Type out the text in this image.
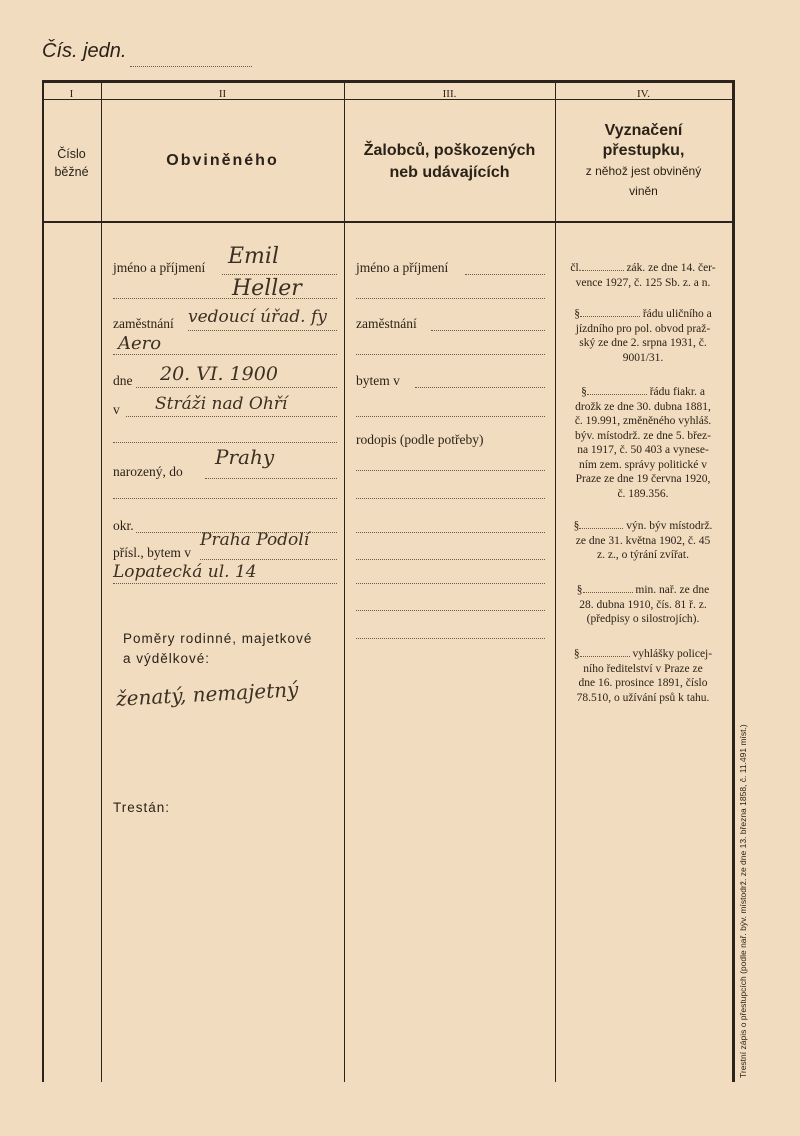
Čís. jedn.
I	II	III.	IV.
Číslo
běžné
Obviněného
Žalobců, poškozených
neb udávajících
Vyznačení
přestupku,
z něhož jest obviněný
viněn
jméno a příjmení Emil
Heller
zaměstnání vedoucí úřad. fy
Aero
dne 20. VI. 1900
v Stráži nad Ohří
narozený, do
Prahy
okr.
přísl., bytem v
Praha Podolí
Lopatecká ul. 14
Poměry rodinné, majetkové
a výdělkové:
ženatý, nemajetný
Trestán:
jméno a příjmení
zaměstnání
bytem v
rodopis (podle potřeby)
čl.	zák. ze dne 14. čer-
vence 1927, č. 125 Sb. z. a n.
§	řádu uličního a
jízdního pro pol. obvod praž-
ský ze dne 2. srpna 1931, č.
9001/31.
§	řádu fiakr. a
drožk ze dne 30. dubna 1881,
č. 19.991, změněného vyhláš.
býv. místodrž. ze dne 5. břez-
na 1917, č. 50 403 a vynese-
ním zem. správy politické v
Praze ze dne 19 června 1920,
č. 189.356.
§	výn. býv místodrž.
ze dne 31. května 1902, č. 45
z. z., o týrání zvířat.
§	min. nař. ze dne
28. dubna 1910, čís. 81 ř. z.
(předpisy o silostrojích).
§	vyhlášky policej-
ního ředitelství v Praze ze
dne 16. prosince 1891, číslo
78.510, o užívání psů k tahu.
Trestní zápis o přestupcích (podle nař. býv. místodrž. ze dne 13. března 1858, č. 11.491 míst.)
